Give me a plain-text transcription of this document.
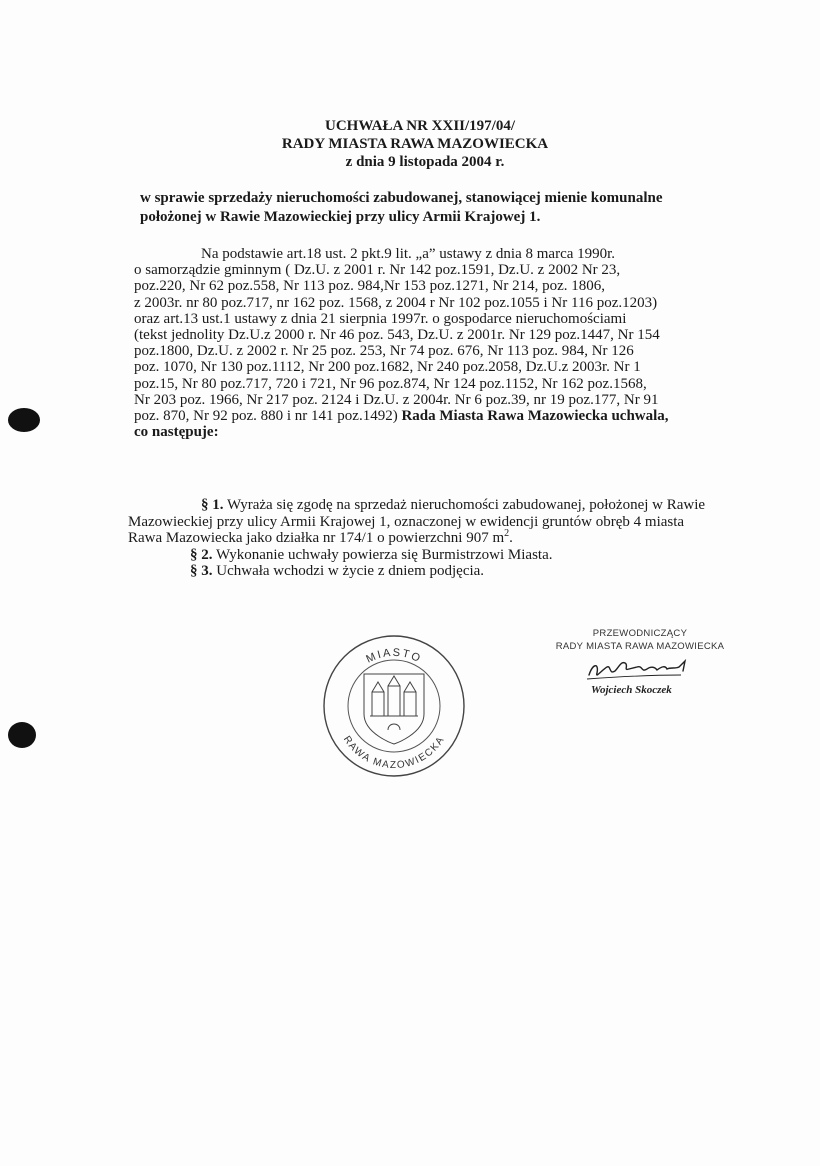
UCHWAŁA NR XXII/197/04/
RADY MIASTA RAWA MAZOWIECKA
z dnia 9 listopada 2004 r.
w sprawie sprzedaży nieruchomości zabudowanej, stanowiącej mienie komunalne
położonej w Rawie Mazowieckiej przy ulicy Armii Krajowej 1.
Na podstawie art.18 ust. 2 pkt.9 lit. „a” ustawy z dnia 8 marca 1990r.
o samorządzie gminnym ( Dz.U. z 2001 r. Nr 142 poz.1591, Dz.U. z 2002 Nr 23,
poz.220, Nr 62 poz.558, Nr 113 poz. 984,Nr 153 poz.1271, Nr 214, poz. 1806,
z 2003r. nr 80 poz.717, nr 162 poz. 1568, z 2004 r Nr 102 poz.1055 i Nr 116 poz.1203)
oraz art.13 ust.1 ustawy z dnia 21 sierpnia 1997r. o gospodarce nieruchomościami
(tekst jednolity Dz.U.z 2000 r. Nr 46 poz. 543, Dz.U. z 2001r. Nr 129 poz.1447, Nr 154
poz.1800, Dz.U. z 2002 r. Nr 25 poz. 253, Nr 74 poz. 676, Nr 113 poz. 984, Nr 126
poz. 1070, Nr 130 poz.1112, Nr 200 poz.1682, Nr 240 poz.2058, Dz.U.z 2003r. Nr 1
poz.15, Nr 80 poz.717, 720 i 721, Nr 96 poz.874, Nr 124 poz.1152, Nr 162 poz.1568,
Nr 203 poz. 1966, Nr 217 poz. 2124 i Dz.U. z 2004r. Nr 6 poz.39, nr 19 poz.177, Nr 91
poz. 870, Nr 92 poz. 880 i nr 141 poz.1492) Rada Miasta Rawa Mazowiecka uchwala,
co następuje:
§ 1. Wyraża się zgodę na sprzedaż nieruchomości zabudowanej, położonej w Rawie
Mazowieckiej przy ulicy Armii Krajowej 1, oznaczonej w ewidencji gruntów obręb 4 miasta
Rawa Mazowiecka jako działka nr 174/1 o powierzchni 907 $m^2$.
§ 2. Wykonanie uchwały powierza się Burmistrzowi Miasta.
§ 3. Uchwała wchodzi w życie z dniem podjęcia.
PRZEWODNICZĄCY
RADY MIASTA RAWA MAZOWIECKA
Wojciech Skoczek
MIASTO
RAWA MAZOWIECKA
